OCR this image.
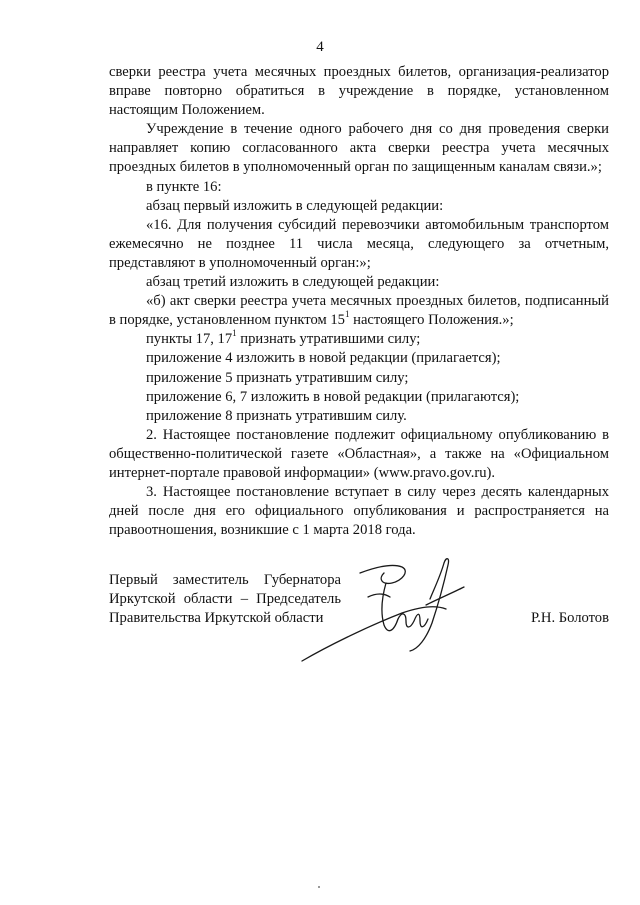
4

сверки реестра учета месячных проездных билетов, организация-реализатор вправе повторно обратиться в учреждение в порядке, установленном настоящим Положением.

Учреждение в течение одного рабочего дня со дня проведения сверки направляет копию согласованного акта сверки реестра учета месячных проездных билетов в уполномоченный орган по защищенным каналам связи.»;

в пункте 16:

абзац первый изложить в следующей редакции:

«16. Для получения субсидий перевозчики автомобильным транспортом ежемесячно не позднее 11 числа месяца, следующего за отчетным, представляют в уполномоченный орган:»;

абзац третий изложить в следующей редакции:

«б) акт сверки реестра учета месячных проездных билетов, подписанный в порядке, установленном пунктом $15^1$ настоящего Положения.»;

пункты 17, $17^1$ признать утратившими силу;

приложение 4 изложить в новой редакции (прилагается);

приложение 5 признать утратившим силу;

приложение 6, 7 изложить в новой редакции (прилагаются);

приложение 8 признать утратившим силу.

2. Настоящее постановление подлежит официальному опубликованию в общественно-политической газете «Областная», а также на «Официальном интернет-портале правовой информации» (www.pravo.gov.ru).

3. Настоящее постановление вступает в силу через десять календарных дней после дня его официального опубликования и распространяется на правоотношения, возникшие с 1 марта 2018 года.

Первый заместитель Губернатора
Иркутской области – Председатель
Правительства Иркутской области	Р.Н. Болотов
